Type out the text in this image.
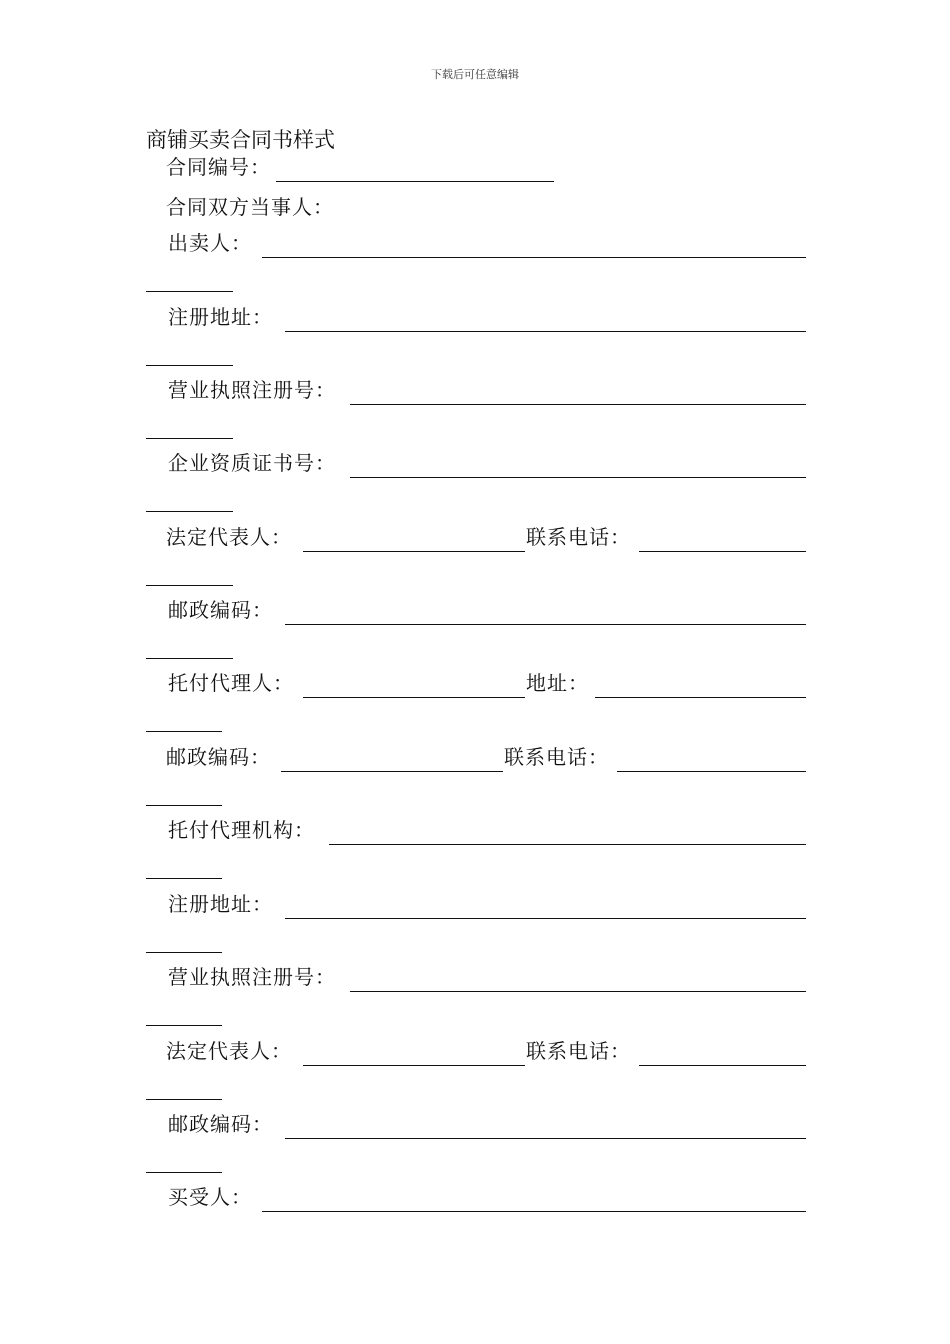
下载后可任意编辑
商铺买卖合同书样式
合同编号：
合同双方当事人：
出卖人：
注册地址：
营业执照注册号：
企业资质证书号：
法定代表人：	联系电话：
邮政编码：
托付代理人：	地址：
邮政编码：	联系电话：
托付代理机构：
注册地址：
营业执照注册号：
法定代表人：	联系电话：
邮政编码：
买受人：
